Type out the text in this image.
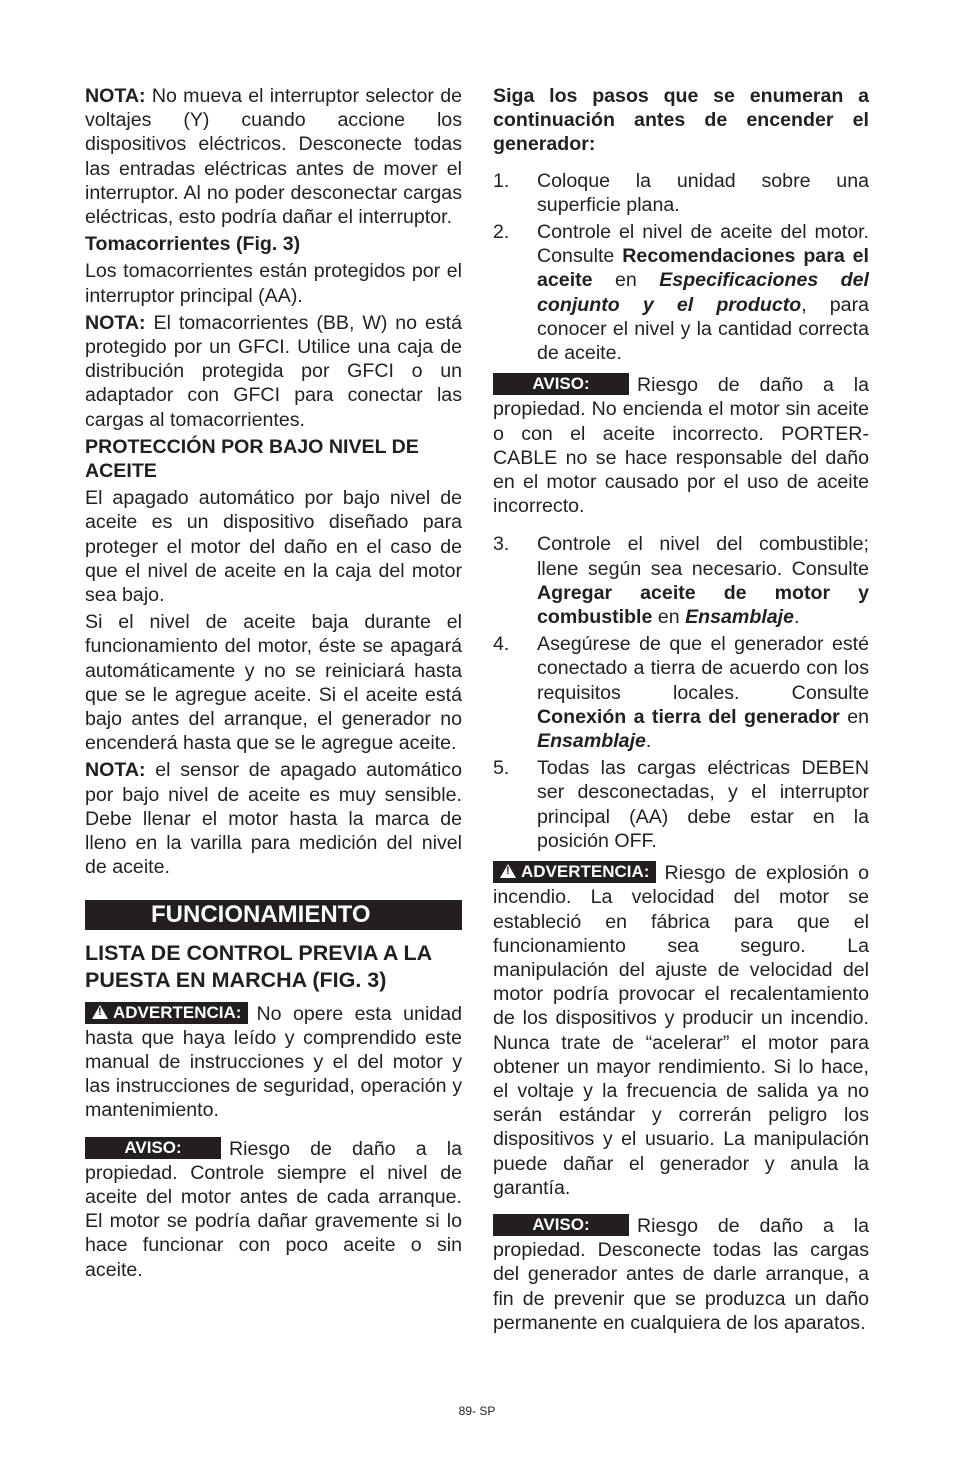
NOTA: No mueva el interruptor selector de voltajes (Y) cuando accione los dispositivos eléctricos. Desconecte todas las entradas eléctricas antes de mover el interruptor. Al no poder desconectar cargas eléctricas, esto podría dañar el interruptor.

Tomacorrientes (Fig. 3)

Los tomacorrientes están protegidos por el interruptor principal (AA).

NOTA: El tomacorrientes (BB, W) no está protegido por un GFCI. Utilice una caja de distribución protegida por GFCI o un adaptador con GFCI para conectar las cargas al tomacorrientes.

PROTECCIÓN POR BAJO NIVEL DE ACEITE

El apagado automático por bajo nivel de aceite es un dispositivo diseñado para proteger el motor del daño en el caso de que el nivel de aceite en la caja del motor sea bajo.

Si el nivel de aceite baja durante el funcionamiento del motor, éste se apagará automáticamente y no se reiniciará hasta que se le agregue aceite. Si el aceite está bajo antes del arranque, el generador no encenderá hasta que se le agregue aceite.

NOTA: el sensor de apagado automático por bajo nivel de aceite es muy sensible. Debe llenar el motor hasta la marca de lleno en la varilla para medición del nivel de aceite.

FUNCIONAMIENTO
LISTA DE CONTROL PREVIA A LA PUESTA EN MARCHA (FIG. 3)

!ADVERTENCIA: No opere esta unidad hasta que haya leído y comprendido este manual de instrucciones y el del motor y las instrucciones de seguridad, operación y mantenimiento.

AVISO: Riesgo de daño a la propiedad. Controle siempre el nivel de aceite del motor antes de cada arranque. El motor se podría dañar gravemente si lo hace funcionar con poco aceite o sin aceite.

Siga los pasos que se enumeran a continuación antes de encender el generador:

1. Coloque la unidad sobre una superficie plana.
2. Controle el nivel de aceite del motor. Consulte Recomendaciones para el aceite en Especificaciones del conjunto y el producto, para conocer el nivel y la cantidad correcta de aceite.

AVISO: Riesgo de daño a la propiedad. No encienda el motor sin aceite o con el aceite incorrecto. PORTER-CABLE no se hace responsable del daño en el motor causado por el uso de aceite incorrecto.

3. Controle el nivel del combustible; llene según sea necesario. Consulte Agregar aceite de motor y combustible en Ensamblaje.
4. Asegúrese de que el generador esté conectado a tierra de acuerdo con los requisitos locales. Consulte Conexión a tierra del generador en Ensamblaje.
5. Todas las cargas eléctricas DEBEN ser desconectadas, y el interruptor principal (AA) debe estar en la posición OFF.

!ADVERTENCIA: Riesgo de explosión o incendio. La velocidad del motor se estableció en fábrica para que el funcionamiento sea seguro. La manipulación del ajuste de velocidad del motor podría provocar el recalentamiento de los dispositivos y producir un incendio. Nunca trate de “acelerar” el motor para obtener un mayor rendimiento. Si lo hace, el voltaje y la frecuencia de salida ya no serán estándar y correrán peligro los dispositivos y el usuario. La manipulación puede dañar el generador y anula la garantía.

AVISO: Riesgo de daño a la propiedad. Desconecte todas las cargas del generador antes de darle arranque, a fin de prevenir que se produzca un daño permanente en cualquiera de los aparatos.

89- SP
